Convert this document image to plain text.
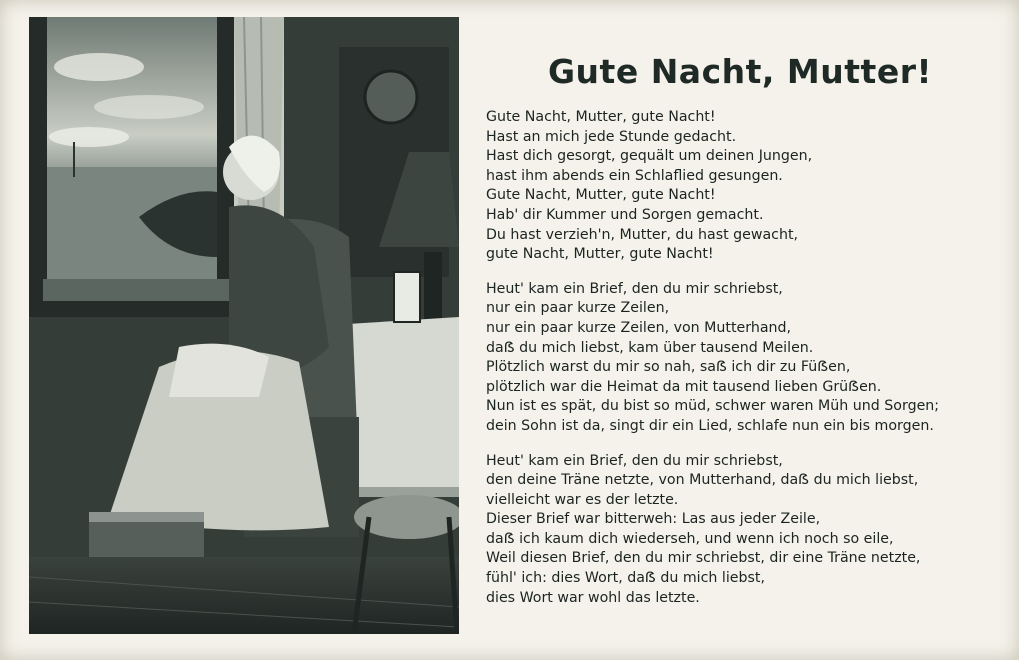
Gute Nacht, Mutter!
Gute Nacht, Mutter, gute Nacht!
Hast an mich jede Stunde gedacht.
Hast dich gesorgt, gequält um deinen Jungen,
hast ihm abends ein Schlaflied gesungen.
Gute Nacht, Mutter, gute Nacht!
Hab' dir Kummer und Sorgen gemacht.
Du hast verzieh'n, Mutter, du hast gewacht,
gute Nacht, Mutter, gute Nacht!
Heut' kam ein Brief, den du mir schriebst,
nur ein paar kurze Zeilen,
nur ein paar kurze Zeilen, von Mutterhand,
daẞ du mich liebst, kam über tausend Meilen.
Plötzlich warst du mir so nah, saẞ ich dir zu Füẞen,
plötzlich war die Heimat da mit tausend lieben Grüẞen.
Nun ist es spät, du bist so müd, schwer waren Müh und Sorgen;
dein Sohn ist da, singt dir ein Lied, schlafe nun ein bis morgen.
Heut' kam ein Brief, den du mir schriebst,
den deine Träne netzte, von Mutterhand, daẞ du mich liebst,
vielleicht war es der letzte.
Dieser Brief war bitterweh: Las aus jeder Zeile,
daẞ ich kaum dich wiederseh, und wenn ich noch so eile,
Weil diesen Brief, den du mir schriebst, dir eine Träne netzte,
fühl' ich: dies Wort, daẞ du mich liebst,
dies Wort war wohl das letzte.
